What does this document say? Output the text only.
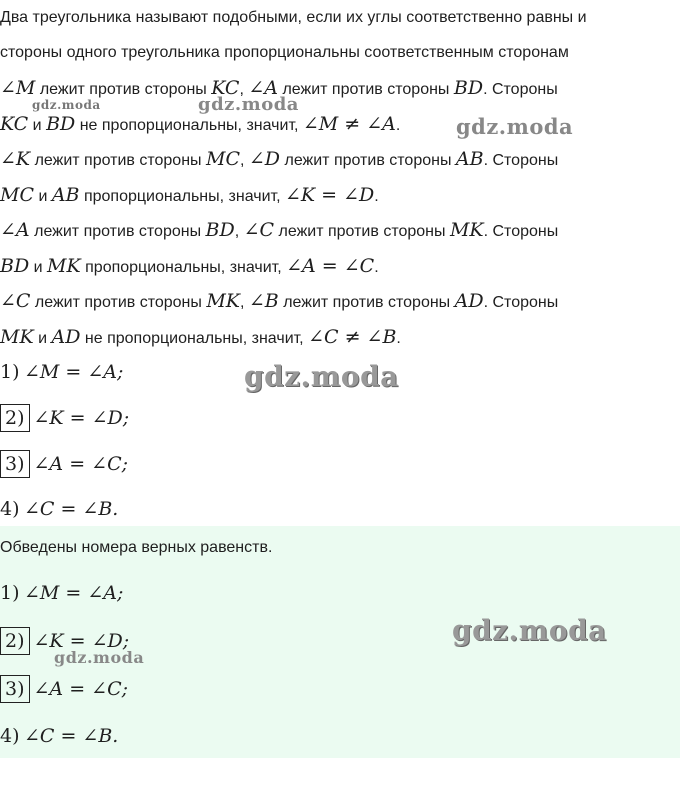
Два треугольника называют подобными, если их углы соответственно равны и
стороны одного треугольника пропорциональны соответственным сторонам
∠M лежит против стороны KC, ∠A лежит против стороны BD. Стороны
KC и BD не пропорциональны, значит, ∠M ≠ ∠A.
∠K лежит против стороны MC, ∠D лежит против стороны AB. Стороны
MC и AB пропорциональны, значит, ∠K = ∠D.
∠A лежит против стороны BD, ∠C лежит против стороны MK. Стороны
BD и MK пропорциональны, значит, ∠A = ∠C.
∠C лежит против стороны MK, ∠B лежит против стороны AD. Стороны
MK и AD не пропорциональны, значит, ∠C ≠ ∠B.
1) ∠M = ∠A;
2) ∠K = ∠D;
3) ∠A = ∠C;
4) ∠C = ∠B.
Обведены номера верных равенств.
1) ∠M = ∠A;
2) ∠K = ∠D;
3) ∠A = ∠C;
4) ∠C = ∠B.
gdz.moda	gdz.moda
gdz.moda
gdz.moda
gdz.moda
gdz.moda
